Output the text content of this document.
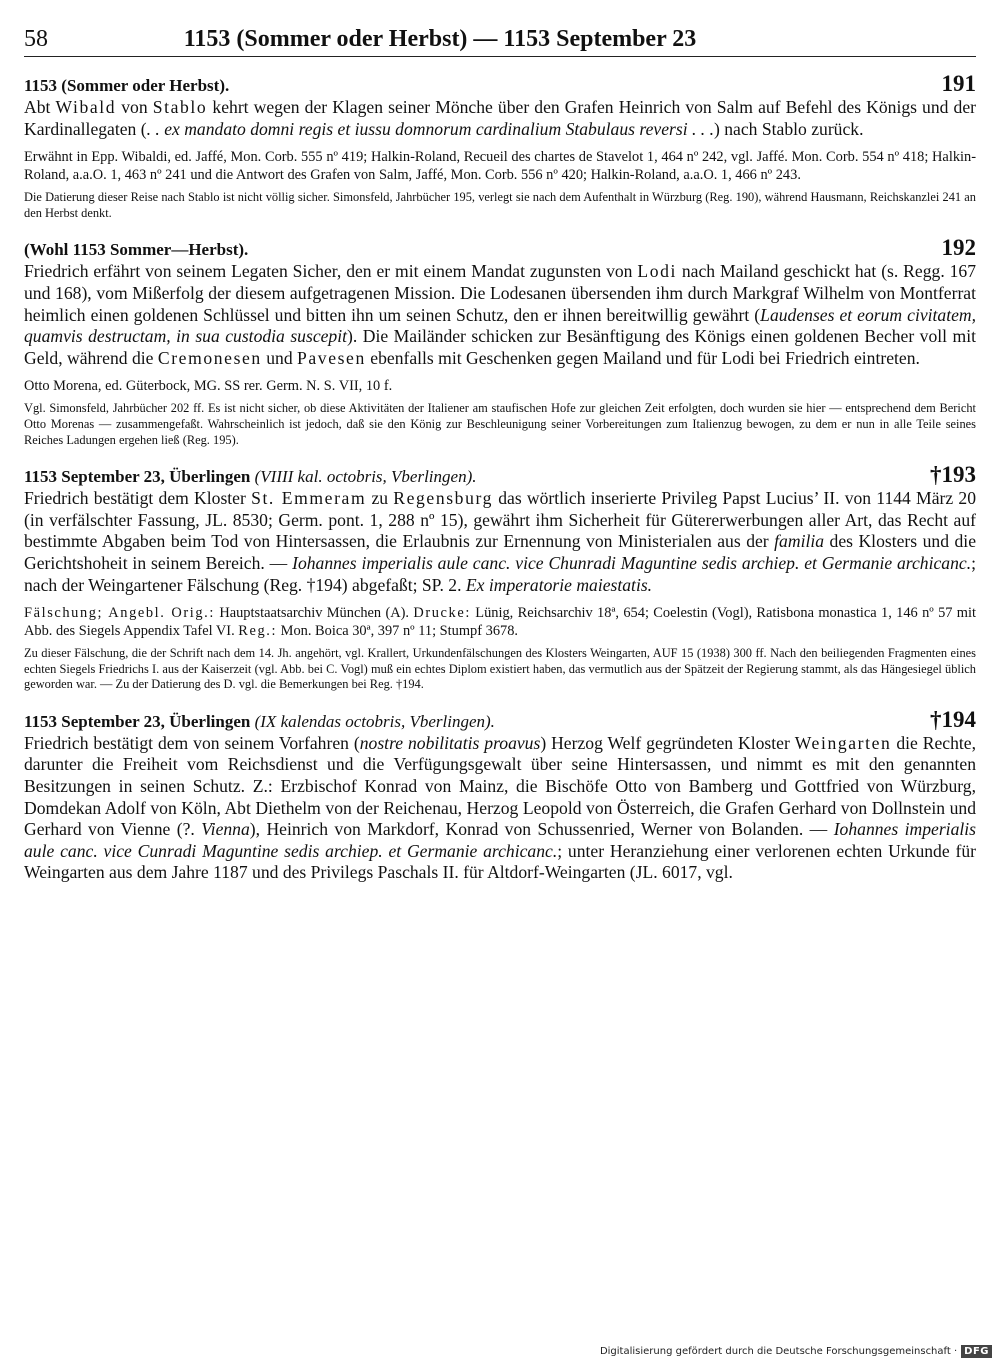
58	1153 (Sommer oder Herbst) — 1153 September 23
1153 (Sommer oder Herbst).	191

Abt Wibald von Stablo kehrt wegen der Klagen seiner Mönche über den Grafen Heinrich von Salm auf Befehl des Königs und der Kardinallegaten (. . ex mandato domni regis et iussu domnorum cardinalium Stabulaus reversi . . .) nach Stablo zurück.

Erwähnt in Epp. Wibaldi, ed. Jaffé, Mon. Corb. 555 nº 419; Halkin-Roland, Recueil des chartes de Stavelot 1, 464 nº 242, vgl. Jaffé. Mon. Corb. 554 nº 418; Halkin-Roland, a.a.O. 1, 463 nº 241 und die Antwort des Grafen von Salm, Jaffé, Mon. Corb. 556 nº 420; Halkin-Roland, a.a.O. 1, 466 nº 243.

Die Datierung dieser Reise nach Stablo ist nicht völlig sicher. Simonsfeld, Jahrbücher 195, verlegt sie nach dem Aufenthalt in Würzburg (Reg. 190), während Hausmann, Reichskanzlei 241 an den Herbst denkt.

(Wohl 1153 Sommer—Herbst).	192

Friedrich erfährt von seinem Legaten Sicher, den er mit einem Mandat zugunsten von Lodi nach Mailand geschickt hat (s. Regg. 167 und 168), vom Mißerfolg der diesem aufgetragenen Mission. Die Lodesanen übersenden ihm durch Markgraf Wilhelm von Montferrat heimlich einen goldenen Schlüssel und bitten ihn um seinen Schutz, den er ihnen bereitwillig gewährt (Laudenses et eorum civitatem, quamvis destructam, in sua custodia suscepit). Die Mailänder schicken zur Besänftigung des Königs einen goldenen Becher voll mit Geld, während die Cremonesen und Pavesen ebenfalls mit Geschenken gegen Mailand und für Lodi bei Friedrich eintreten.

Otto Morena, ed. Güterbock, MG. SS rer. Germ. N. S. VII, 10 f.

Vgl. Simonsfeld, Jahrbücher 202 ff. Es ist nicht sicher, ob diese Aktivitäten der Italiener am staufischen Hofe zur gleichen Zeit erfolgten, doch wurden sie hier — entsprechend dem Bericht Otto Morenas — zusammengefaßt. Wahrscheinlich ist jedoch, daß sie den König zur Beschleunigung seiner Vorbereitungen zum Italienzug bewogen, zu dem er nun in alle Teile seines Reiches Ladungen ergehen ließ (Reg. 195).

1153 September 23, Überlingen (VIIII kal. octobris, Vberlingen).	†193

Friedrich bestätigt dem Kloster St. Emmeram zu Regensburg das wörtlich inserierte Privileg Papst Lucius’ II. von 1144 März 20 (in verfälschter Fassung, JL. 8530; Germ. pont. 1, 288 nº 15), gewährt ihm Sicherheit für Gütererwerbungen aller Art, das Recht auf bestimmte Abgaben beim Tod von Hintersassen, die Erlaubnis zur Ernennung von Ministerialen aus der familia des Klosters und die Gerichtshoheit in seinem Bereich. — Iohannes imperialis aule canc. vice Chunradi Maguntine sedis archiep. et Germanie archicanc.; nach der Weingartener Fälschung (Reg. †194) abgefaßt; SP. 2. Ex imperatorie maiestatis.

Fälschung; Angebl. Orig.: Hauptstaatsarchiv München (A). Drucke: Lünig, Reichsarchiv 18ª, 654; Coelestin (Vogl), Ratisbona monastica 1, 146 nº 57 mit Abb. des Siegels Appendix Tafel VI. Reg.: Mon. Boica 30ª, 397 nº 11; Stumpf 3678.

Zu dieser Fälschung, die der Schrift nach dem 14. Jh. angehört, vgl. Krallert, Urkundenfälschungen des Klosters Weingarten, AUF 15 (1938) 300 ff. Nach den beiliegenden Fragmenten eines echten Siegels Friedrichs I. aus der Kaiserzeit (vgl. Abb. bei C. Vogl) muß ein echtes Diplom existiert haben, das vermutlich aus der Spätzeit der Regierung stammt, als das Hängesiegel üblich geworden war. — Zu der Datierung des D. vgl. die Bemerkungen bei Reg. †194.

1153 September 23, Überlingen (IX kalendas octobris, Vberlingen).	†194

Friedrich bestätigt dem von seinem Vorfahren (nostre nobilitatis proavus) Herzog Welf gegründeten Kloster Weingarten die Rechte, darunter die Freiheit vom Reichsdienst und die Verfügungsgewalt über seine Hintersassen, und nimmt es mit den genannten Besitzungen in seinen Schutz. Z.: Erzbischof Konrad von Mainz, die Bischöfe Otto von Bamberg und Gottfried von Würzburg, Domdekan Adolf von Köln, Abt Diethelm von der Reichenau, Herzog Leopold von Österreich, die Grafen Gerhard von Dollnstein und Gerhard von Vienne (?. Vienna), Heinrich von Markdorf, Konrad von Schussenried, Werner von Bolanden. — Iohannes imperialis aule canc. vice Cunradi Maguntine sedis archiep. et Germanie archicanc.; unter Heranziehung einer verlorenen echten Urkunde für Weingarten aus dem Jahre 1187 und des Privilegs Paschals II. für Altdorf-Weingarten (JL. 6017, vgl.

Digitalisierung gefördert durch die Deutsche Forschungsgemeinschaft · DFG
